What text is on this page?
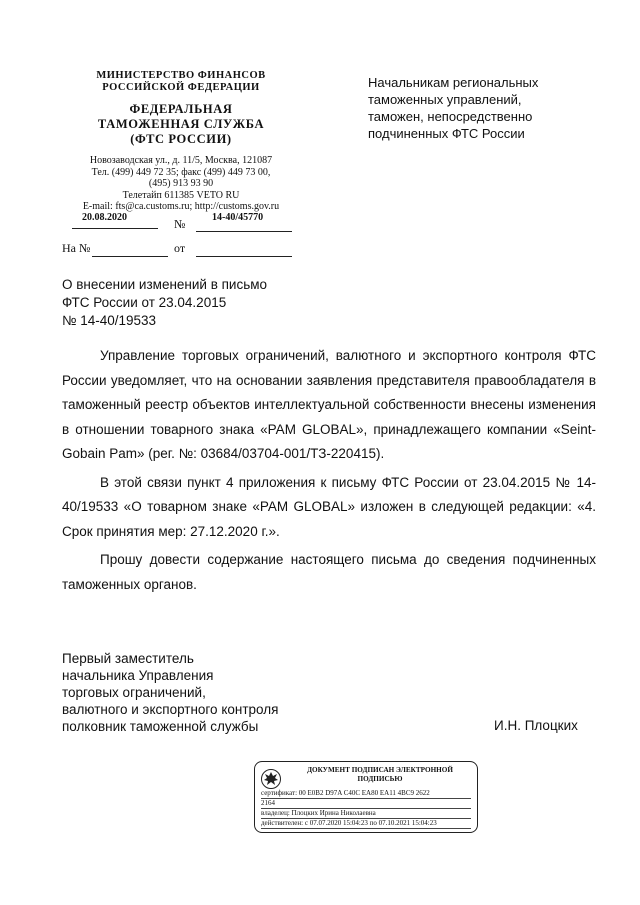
МИНИСТЕРСТВО ФИНАНСОВ
РОССИЙСКОЙ ФЕДЕРАЦИИ
ФЕДЕРАЛЬНАЯ
ТАМОЖЕННАЯ СЛУЖБА
(ФТС РОССИИ)
Новозаводская ул., д. 11/5, Москва, 121087
Тел. (499) 449 72 35; факс (499) 449 73 00,
(495) 913 93 90
Телетайп 611385 VETO RU
E-mail: fts@ca.customs.ru; http://customs.gov.ru
20.08.2020	№	14-40/45770
На №	от
Начальникам региональных
таможенных управлений,
таможен, непосредственно
подчиненных ФТС России
О внесении изменений в письмо
ФТС России от 23.04.2015
№ 14-40/19533

Управление торговых ограничений, валютного и экспортного контроля ФТС России уведомляет, что на основании заявления представителя правообладателя в таможенный реестр объектов интеллектуальной собственности внесены изменения в отношении товарного знака «PAM GLOBAL», принадлежащего компании «Seint-Gobain Pam» (рег. №: 03684/03704-001/ТЗ-220415).

В этой связи пункт 4 приложения к письму ФТС России от 23.04.2015 № 14-40/19533 «О товарном знаке «PAM GLOBAL» изложен в следующей редакции: «4. Срок принятия мер: 27.12.2020 г.».

Прошу довести содержание настоящего письма до сведения подчиненных таможенных органов.

Первый заместитель
начальника Управления
торговых ограничений,
валютного и экспортного контроля
полковник таможенной службы	И.Н. Плоцких
ДОКУМЕНТ ПОДПИСАН ЭЛЕКТРОННОЙ
ПОДПИСЬЮ
сертификат: 00 E0B2 D97A C40C EA80 EA11 4BC9 2622
2164
владелец: Плоцких Ирина Николаевна
действителен: с 07.07.2020 15:04:23 по 07.10.2021 15:04:23
